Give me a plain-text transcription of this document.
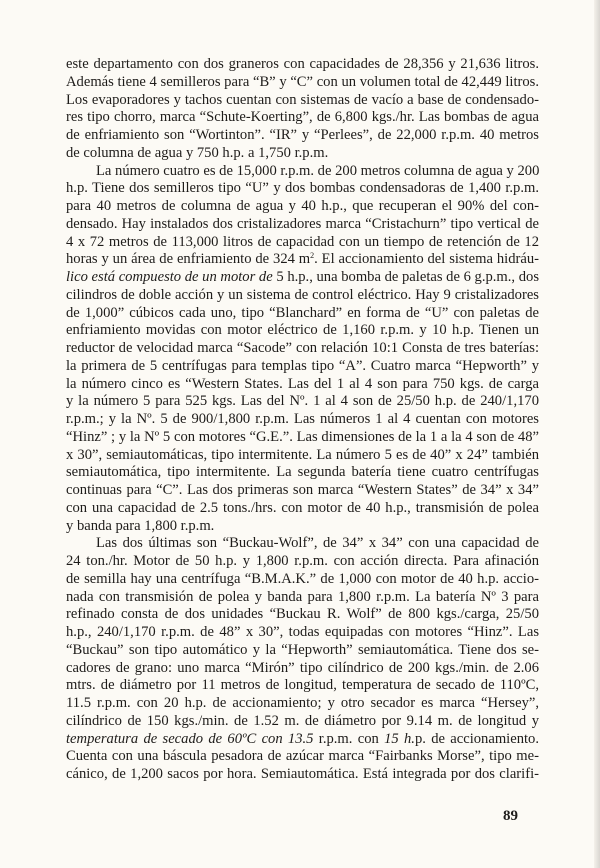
este departamento con dos graneros con capacidades de 28,356 y 21,636 litros.
Además tiene 4 semilleros para “B” y “C” con un volumen total de 42,449 litros.
Los evaporadores y tachos cuentan con sistemas de vacío a base de condensado-
res tipo chorro, marca “Schute-Koerting”, de 6,800 kgs./hr. Las bombas de agua
de enfriamiento son “Wortinton”. “IR” y “Perlees”, de 22,000 r.p.m. 40 metros
de columna de agua y 750 h.p. a 1,750 r.p.m.
La número cuatro es de 15,000 r.p.m. de 200 metros columna de agua y 200
h.p. Tiene dos semilleros tipo “U” y dos bombas condensadoras de 1,400 r.p.m.
para 40 metros de columna de agua y 40 h.p., que recuperan el 90% del con-
densado. Hay instalados dos cristalizadores marca “Cristachurn” tipo vertical de
4 x 72 metros de 113,000 litros de capacidad con un tiempo de retención de 12
horas y un área de enfriamiento de 324 $m^2$. El accionamiento del sistema hidráu-
lico está compuesto de un motor de 5 h.p., una bomba de paletas de 6 g.p.m., dos
cilindros de doble acción y un sistema de control eléctrico. Hay 9 cristalizadores
de 1,000” cúbicos cada uno, tipo “Blanchard” en forma de “U” con paletas de
enfriamiento movidas con motor eléctrico de 1,160 r.p.m. y 10 h.p. Tienen un
reductor de velocidad marca “Sacode” con relación 10:1 Consta de tres baterías:
la primera de 5 centrífugas para templas tipo “A”. Cuatro marca “Hepworth” y
la número cinco es “Western States. Las del 1 al 4 son para 750 kgs. de carga
y la número 5 para 525 kgs. Las del Nº. 1 al 4 son de 25/50 h.p. de 240/1,170
r.p.m.; y la Nº. 5 de 900/1,800 r.p.m. Las números 1 al 4 cuentan con motores
“Hinz” ; y la Nº 5 con motores “G.E.”. Las dimensiones de la 1 a la 4 son de 48”
x 30”, semiautomáticas, tipo intermitente. La número 5 es de 40” x 24” también
semiautomática, tipo intermitente. La segunda batería tiene cuatro centrífugas
continuas para “C”. Las dos primeras son marca “Western States” de 34” x 34”
con una capacidad de 2.5 tons./hrs. con motor de 40 h.p., transmisión de polea
y banda para 1,800 r.p.m.
Las dos últimas son “Buckau-Wolf”, de 34” x 34” con una capacidad de
24 ton./hr. Motor de 50 h.p. y 1,800 r.p.m. con acción directa. Para afinación
de semilla hay una centrífuga “B.M.A.K.” de 1,000 con motor de 40 h.p. accio-
nada con transmisión de polea y banda para 1,800 r.p.m. La batería Nº 3 para
refinado consta de dos unidades “Buckau R. Wolf” de 800 kgs./carga, 25/50
h.p., 240/1,170 r.p.m. de 48” x 30”, todas equipadas con motores “Hinz”. Las
“Buckau” son tipo automático y la “Hepworth” semiautomática. Tiene dos se-
cadores de grano: uno marca “Mirón” tipo cilíndrico de 200 kgs./min. de 2.06
mtrs. de diámetro por 11 metros de longitud, temperatura de secado de 110ºC,
11.5 r.p.m. con 20 h.p. de accionamiento; y otro secador es marca “Hersey”,
cilíndrico de 150 kgs./min. de 1.52 m. de diámetro por 9.14 m. de longitud y
temperatura de secado de 60ºC con 13.5 r.p.m. con 15 h.p. de accionamiento.
Cuenta con una báscula pesadora de azúcar marca “Fairbanks Morse”, tipo me-
cánico, de 1,200 sacos por hora. Semiautomática. Está integrada por dos clarifi-
89
